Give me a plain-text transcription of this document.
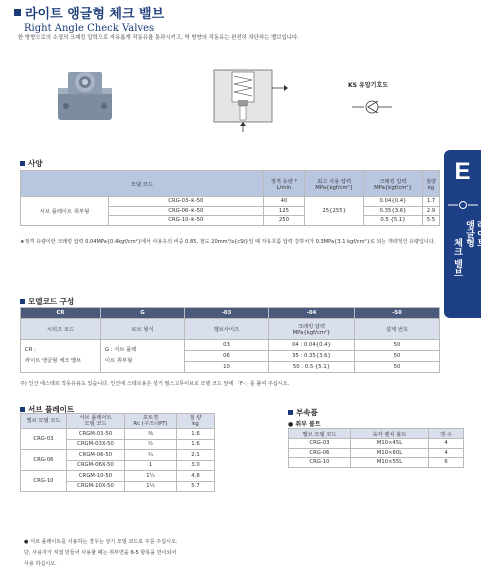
라이트 앵글형 체크 밸브
Right Angle Check Valves
한 방향으로의 소정의 크래킹 압력으로 자유롭게 작동유를 통과시키고, 역 방향의 작동유는 완전히 차단하는 밸브입니다.
KS 유압기호도
E
라이트
앵글형
체크 밸브
사양
모델 코드		정격 유량 *
L/min	최고 사용 압력
MPa{kgf/cm²}	크래킹 압력
MPa{kgf/cm²}	질량
kg
서브 플레이트 취부형	CRG-03-※-50	40	25{255}	0.04{0.4}	1.7
	CRG-06-※-50	125		0.35{3.6}	2.9
	CRG-10-※-50	250		0.5 {5.1}	5.5
★정격 유량이란 크래킹 압력 0.04MPa{0.4kgf/cm²}에서 사용유의 비중 0.85, 점도 20mm²/s{cSt}일 때 자유흐름 압력 강하치가 0.3MPa{3.1 kgf/cm²}로 되는 개략적인 유량입니다.
모델코드 구성
CR	G	-03	-04	-50
시리즈 코드	로브 형식	밸브사이즈	크래킹 압력
MPa{kgf/cm²}	설계 번호
CR :
라이트 앵글형 체크 밸브	G : 서브 플레
이트 취부형	03	04 : 0.04{0.4}	50
		06	35 : 0.35{3.6}	50
		10	50 : 0.5 {5.1}	50
주) 인산 에스테르 작동유용도 있습니다. 인산에 스테르용은 상기 필스고무이브로 모델 코드 앞에 「F-」를 붙여 주십시오.
서브 플레이트
밸브 모델 코드	서브 플레이트
모델 코드	포트경
Rc (구즈너PT)	질 량
kg
CRG-03	CRGM-03-50	⅜	1.6
	CRGM-03X-50	½	1.6
CRG-06	CRGM-06-50	¾	2.1
	CRGM-06X-50	1	3.0
CRG-10	CRGM-10-50	1¼	4.8
	CRGM-10X-50	1½	5.7
● 서브 플레이트를 사용하는 경우는 상기 모델 코드로 주문 주십시오.
단, 사용자가 직접 만들어 사용할 때는 취부면을 6-5 항목을 만이되어
사용 하십시오.
부속품
● 취부 볼트
밸브 모델 코드	육각 렌치 볼트	갯 수
CRG-03	M10×45L	4
CRG-06	M10×60L	4
CRG-10	M10×55L	6
